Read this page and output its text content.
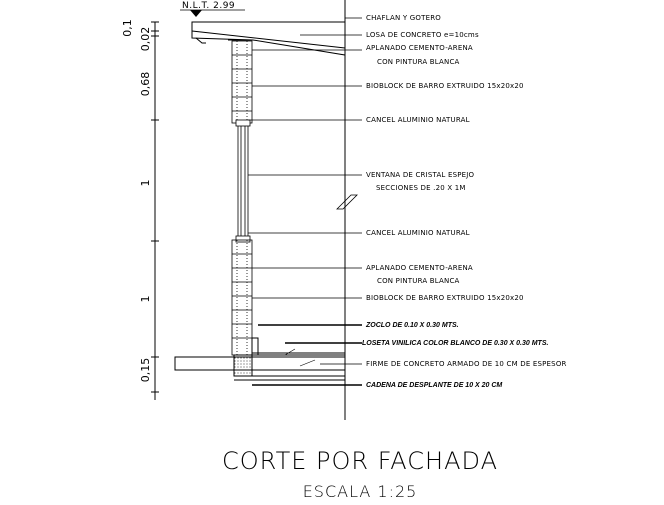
0,1 0,02
0,68
1
1
0,15
N.L.T. 2.99
CHAFLAN Y GOTERO
LOSA DE CONCRETO e=10cms
APLANADO CEMENTO-ARENA
CON PINTURA BLANCA
BIOBLOCK DE BARRO EXTRUIDO 15x20x20
CANCEL ALUMINIO NATURAL
VENTANA DE CRISTAL ESPEJO
SECCIONES DE .20 X 1M
CANCEL ALUMINIO NATURAL
APLANADO CEMENTO-ARENA
CON PINTURA BLANCA
BIOBLOCK DE BARRO EXTRUIDO 15x20x20
ZOCLO DE 0.10 X 0.30 MTS.
LOSETA VINILICA COLOR BLANCO DE 0.30 X 0.30 MTS.
FIRME DE CONCRETO ARMADO DE 10 CM DE ESPESOR
CADENA DE DESPLANTE DE 10 X 20 CM
CORTE POR FACHADA
ESCALA 1:25
